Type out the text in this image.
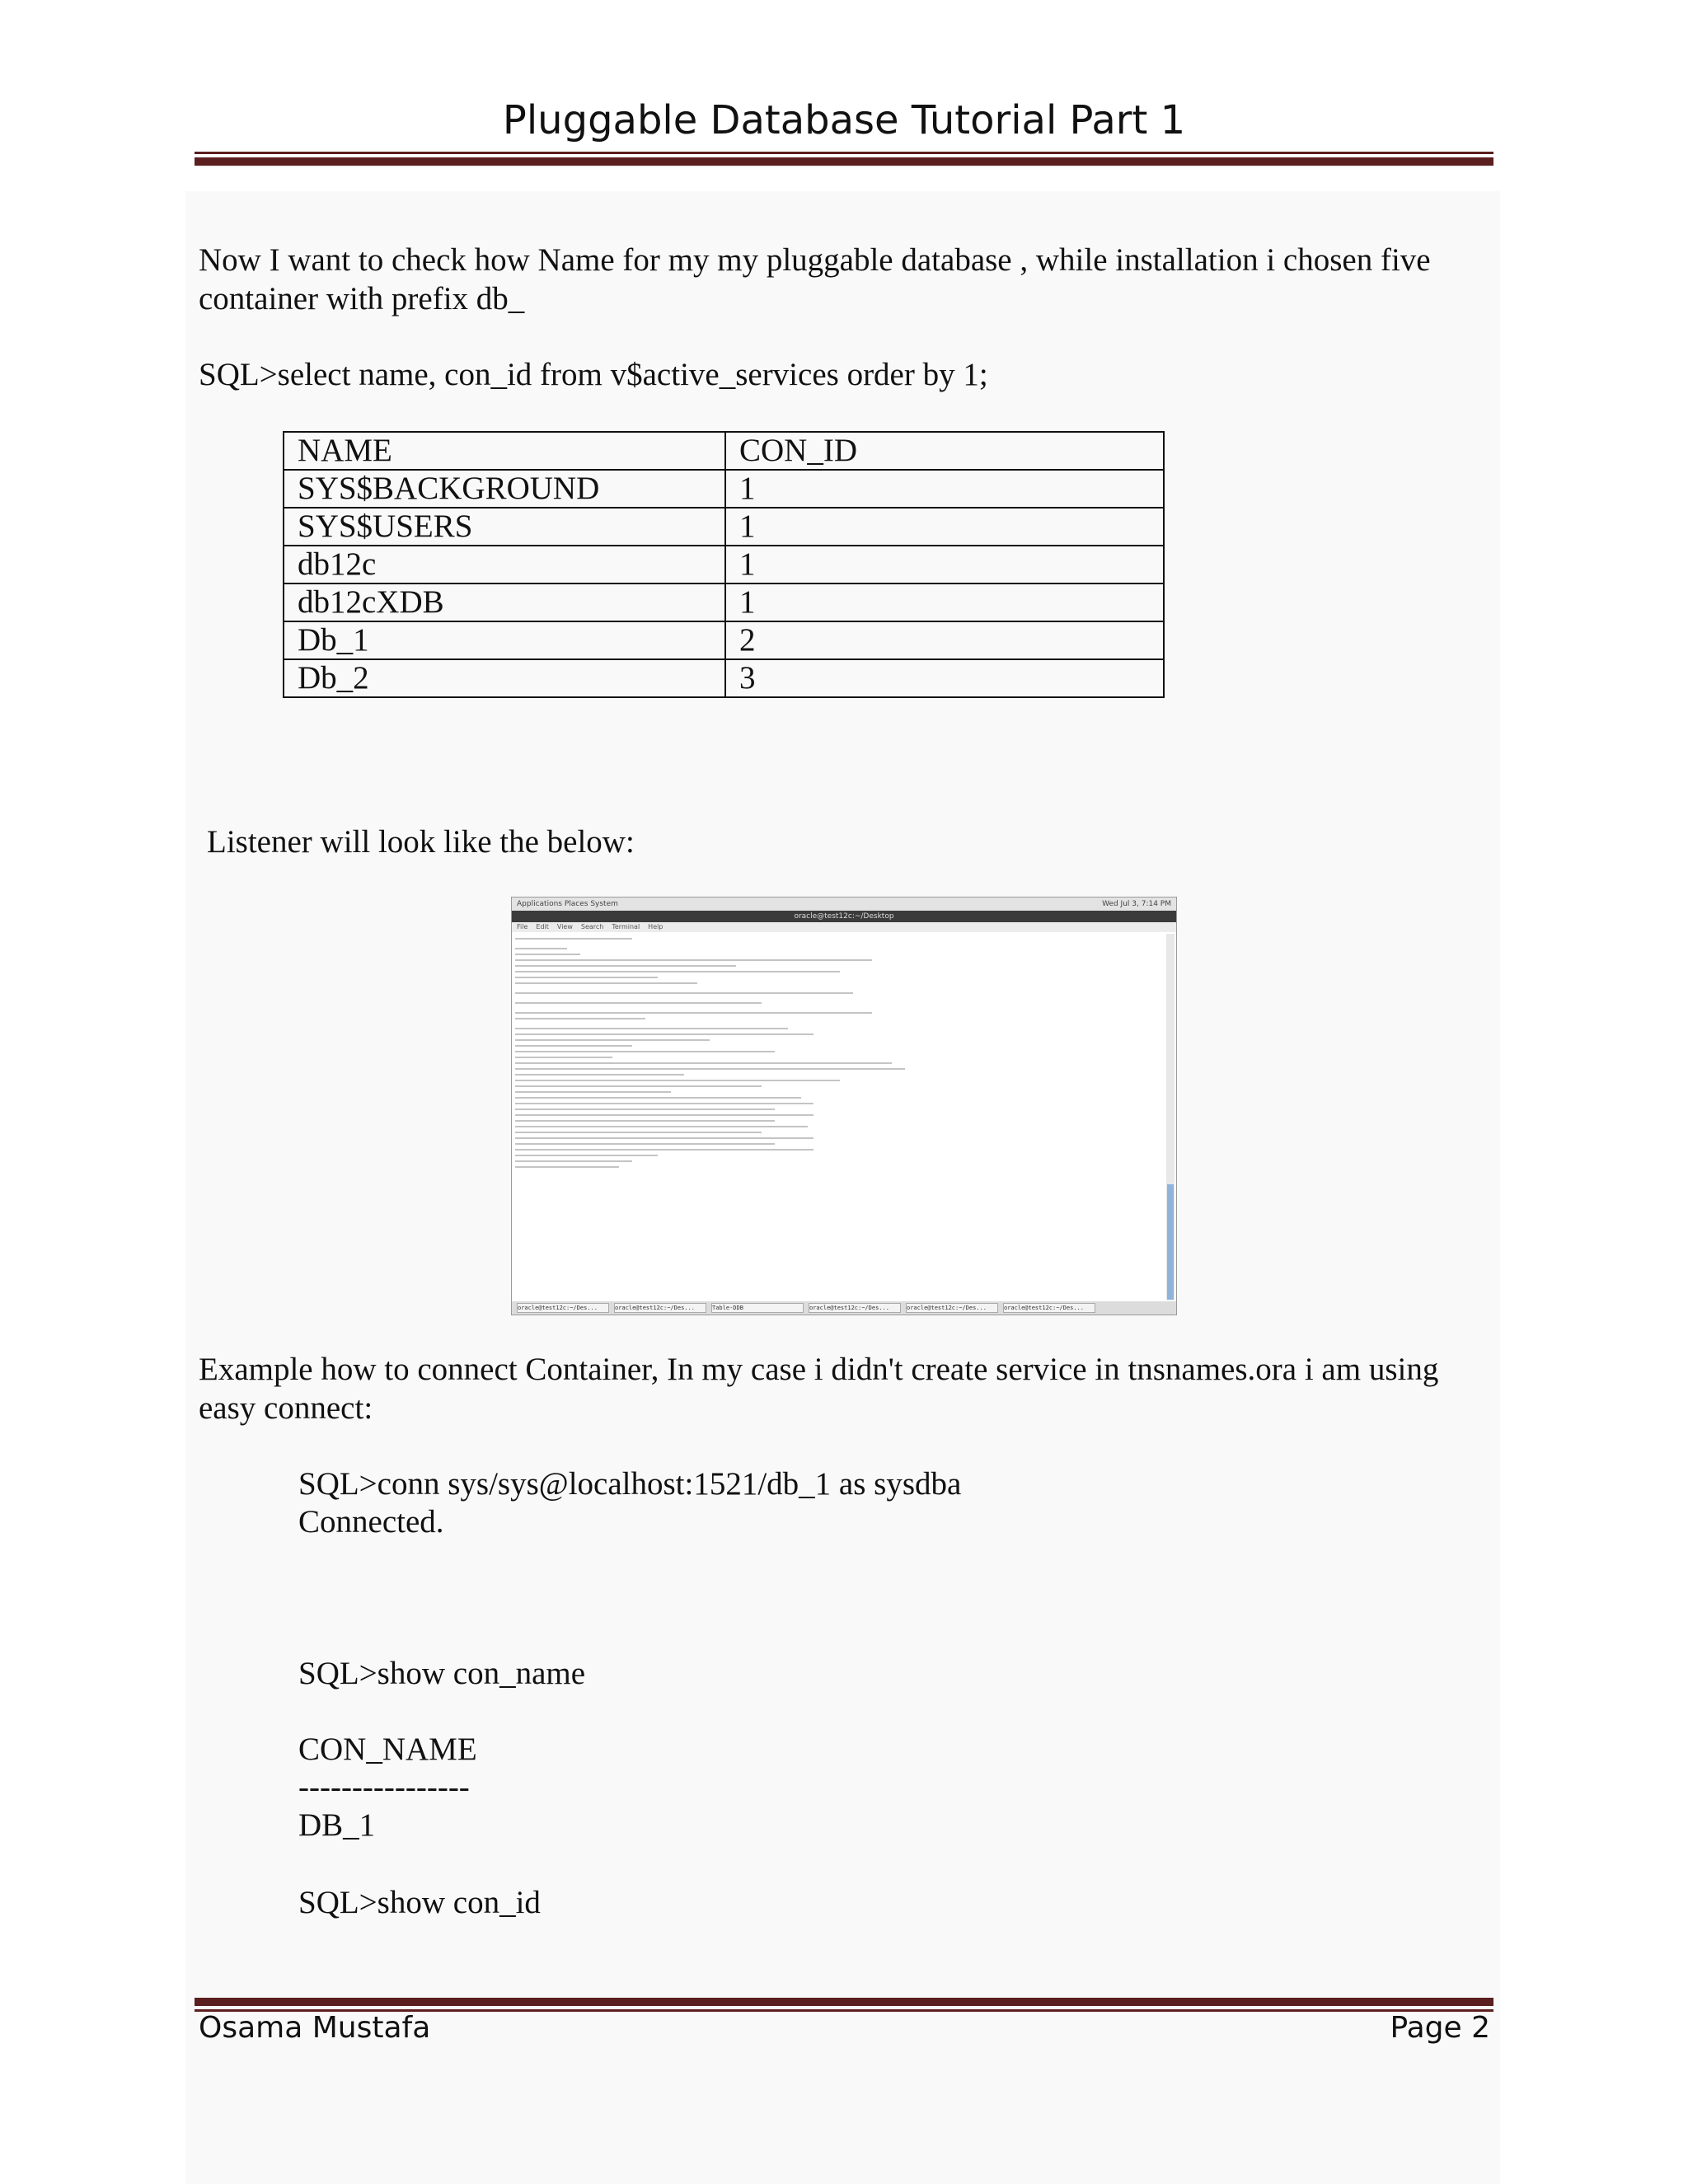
Pluggable Database Tutorial Part 1

Now I want to check how Name for my my pluggable database , while installation i chosen five
container with prefix db_

SQL>select name, con_id from v$active_services order by 1;

NAME	CON_ID
SYS$BACKGROUND	1
SYS$USERS	1
db12c	1
db12cXDB	1
Db_1	2
Db_2	3

Listener will look like the below:

Applications Places System	Wed Jul 3, 7:14 PM
oracle@test12c:~/Desktop
File Edit View Search Terminal Help
oracle@test12c:~/Des...	oracle@test12c:~/Des...	Table-DDB	oracle@test12c:~/Des...	oracle@test12c:~/Des...	oracle@test12c:~/Des...

Example how to connect Container, In my case i didn't create service in tnsnames.ora i am using
easy connect:

SQL>conn sys/sys@localhost:1521/db_1 as sysdba
Connected.

SQL>show con_name

CON_NAME
----------------
DB_1

SQL>show con_id

Osama Mustafa	Page 2
